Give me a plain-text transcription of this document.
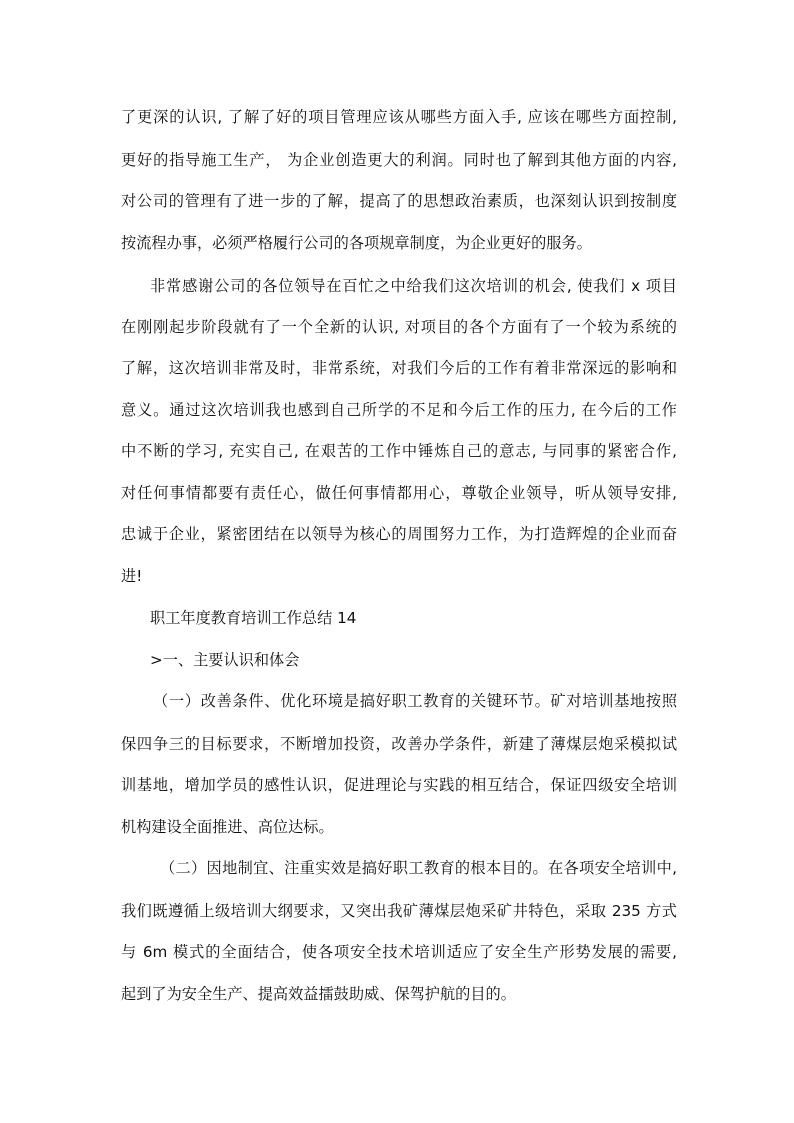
了更深的认识, 了解了好的项目管理应该从哪些方面入手, 应该在哪些方面控制,
更好的指导施工生产， 为企业创造更大的利润。同时也了解到其他方面的内容,
对公司的管理有了进一步的了解，提高了的思想政治素质，也深刻认识到按制度
按流程办事，必须严格履行公司的各项规章制度，为企业更好的服务。
非常感谢公司的各位领导在百忙之中给我们这次培训的机会, 使我们 x 项目
在刚刚起步阶段就有了一个全新的认识, 对项目的各个方面有了一个较为系统的
了解，这次培训非常及时，非常系统，对我们今后的工作有着非常深远的影响和
意义。通过这次培训我也感到自己所学的不足和今后工作的压力, 在今后的工作
中不断的学习, 充实自己, 在艰苦的工作中锤炼自己的意志, 与同事的紧密合作,
对任何事情都要有责任心，做任何事情都用心，尊敬企业领导，听从领导安排,
忠诚于企业，紧密团结在以领导为核心的周围努力工作，为打造辉煌的企业而奋
进!
职工年度教育培训工作总结 14
>一、主要认识和体会
（一）改善条件、优化环境是搞好职工教育的关键环节。矿对培训基地按照
保四争三的目标要求，不断增加投资，改善办学条件，新建了薄煤层炮采模拟试
训基地，增加学员的感性认识，促进理论与实践的相互结合，保证四级安全培训
机构建设全面推进、高位达标。
（二）因地制宜、注重实效是搞好职工教育的根本目的。在各项安全培训中,
我们既遵循上级培训大纲要求，又突出我矿薄煤层炮采矿井特色，采取 235 方式
与 6m 模式的全面结合，使各项安全技术培训适应了安全生产形势发展的需要,
起到了为安全生产、提高效益擂鼓助威、保驾护航的目的。
